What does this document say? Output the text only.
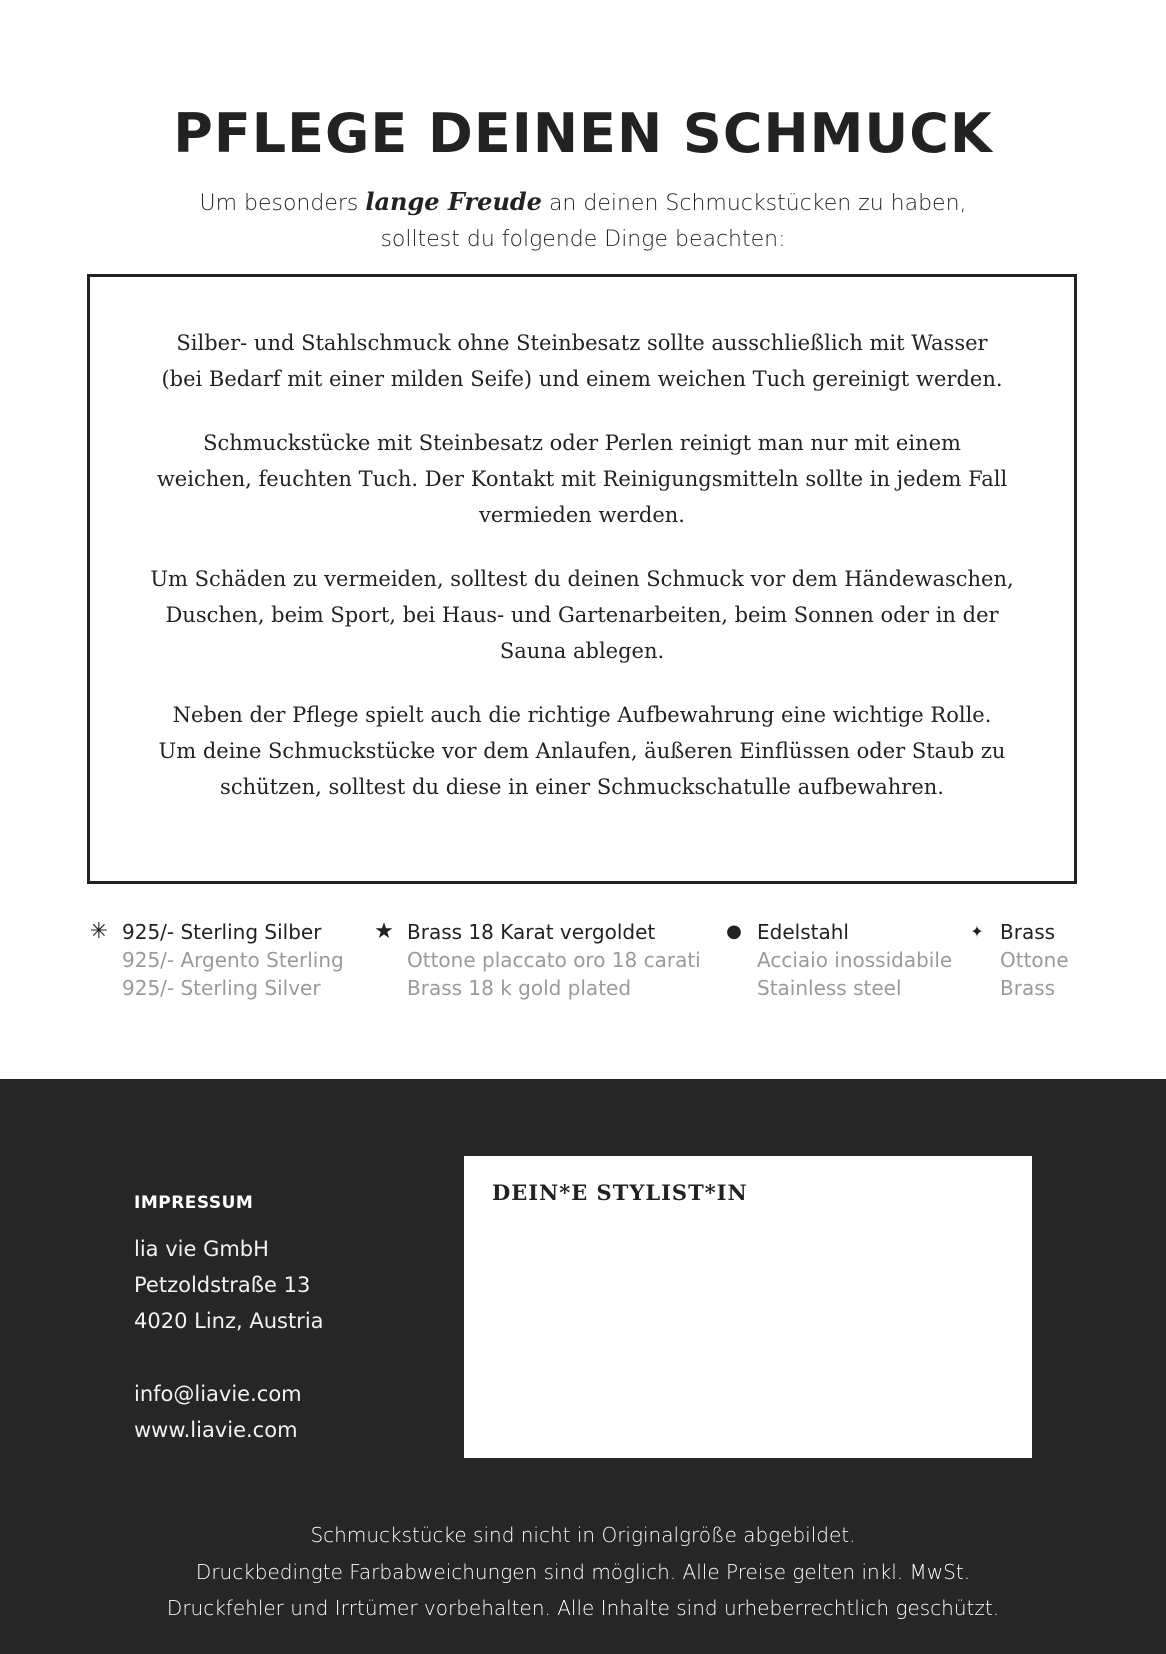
PFLEGE DEINEN SCHMUCK
Um besonders lange Freude an deinen Schmuckstücken zu haben,
solltest du folgende Dinge beachten:
Silber- und Stahlschmuck ohne Steinbesatz sollte ausschließlich mit Wasser
(bei Bedarf mit einer milden Seife) und einem weichen Tuch gereinigt werden.
Schmuckstücke mit Steinbesatz oder Perlen reinigt man nur mit einem
weichen, feuchten Tuch. Der Kontakt mit Reinigungsmitteln sollte in jedem Fall
vermieden werden.
Um Schäden zu vermeiden, solltest du deinen Schmuck vor dem Händewaschen,
Duschen, beim Sport, bei Haus- und Gartenarbeiten, beim Sonnen oder in der
Sauna ablegen.
Neben der Pflege spielt auch die richtige Aufbewahrung eine wichtige Rolle.
Um deine Schmuckstücke vor dem Anlaufen, äußeren Einflüssen oder Staub zu
schützen, solltest du diese in einer Schmuckschatulle aufbewahren.
✳ 925/- Sterling Silber
925/- Argento Sterling
925/- Sterling Silver
★ Brass 18 Karat vergoldet
Ottone placcato oro 18 carati
Brass 18 k gold plated
● Edelstahl
Acciaio inossidabile
Stainless steel
✦ Brass
Ottone
Brass
IMPRESSUM
lia vie GmbH
Petzoldstraße 13
4020 Linz, Austria
info@liavie.com
www.liavie.com
DEIN*E STYLIST*IN
Schmuckstücke sind nicht in Originalgröße abgebildet.
Druckbedingte Farbabweichungen sind möglich. Alle Preise gelten inkl. MwSt.
Druckfehler und Irrtümer vorbehalten. Alle Inhalte sind urheberrechtlich geschützt.
